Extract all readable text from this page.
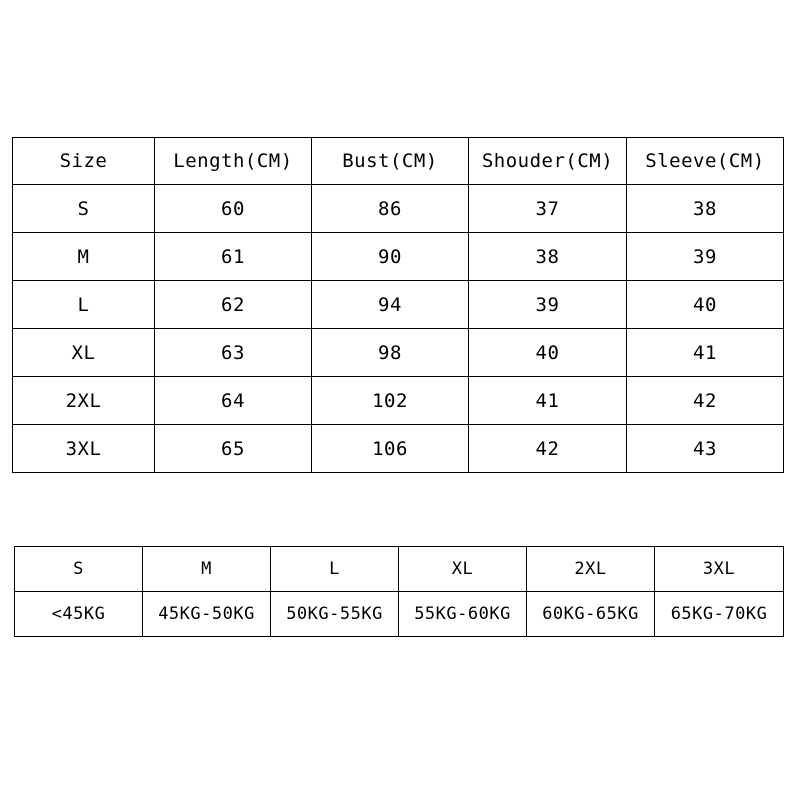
Size	Length(CM)	Bust(CM)	Shouder(CM)	Sleeve(CM)
S	60	86	37	38
M	61	90	38	39
L	62	94	39	40
XL	63	98	40	41
2XL	64	102	41	42
3XL	65	106	42	43
S	M	L	XL	2XL	3XL
<45KG	45KG-50KG	50KG-55KG	55KG-60KG	60KG-65KG	65KG-70KG
